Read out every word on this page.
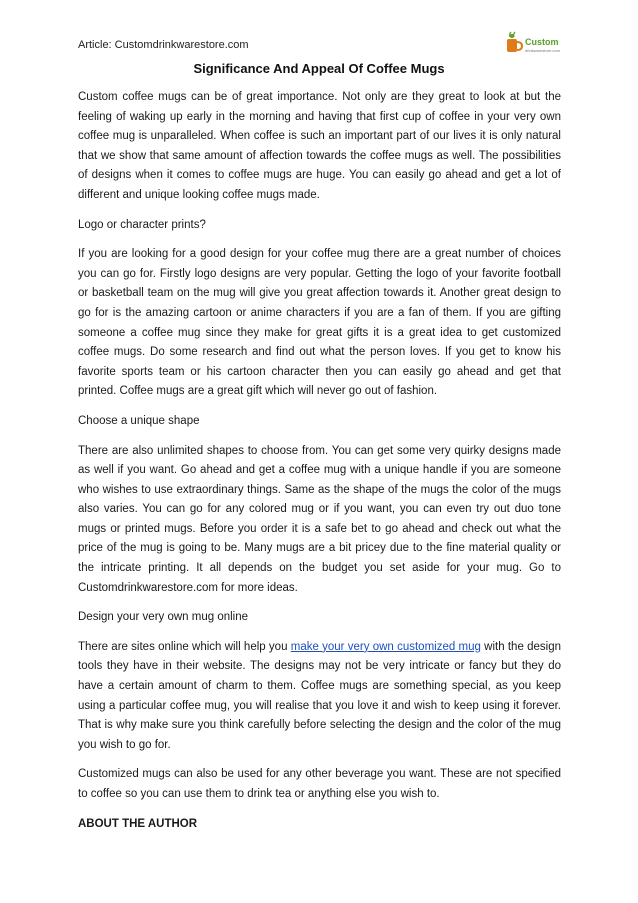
Article: Customdrinkwarestore.com	Custom
drinkwarestore.com
Significance And Appeal Of Coffee Mugs

Custom coffee mugs can be of great importance. Not only are they great to look at but the feeling of waking up early in the morning and having that first cup of coffee in your very own coffee mug is unparalleled. When coffee is such an important part of our lives it is only natural that we show that same amount of affection towards the coffee mugs as well. The possibilities of designs when it comes to coffee mugs are huge. You can easily go ahead and get a lot of different and unique looking coffee mugs made.

Logo or character prints?

If you are looking for a good design for your coffee mug there are a great number of choices you can go for. Firstly logo designs are very popular. Getting the logo of your favorite football or basketball team on the mug will give you great affection towards it. Another great design to go for is the amazing cartoon or anime characters if you are a fan of them. If you are gifting someone a coffee mug since they make for great gifts it is a great idea to get customized coffee mugs. Do some research and find out what the person loves. If you get to know his favorite sports team or his cartoon character then you can easily go ahead and get that printed. Coffee mugs are a great gift which will never go out of fashion.

Choose a unique shape

There are also unlimited shapes to choose from. You can get some very quirky designs made as well if you want. Go ahead and get a coffee mug with a unique handle if you are someone who wishes to use extraordinary things. Same as the shape of the mugs the color of the mugs also varies. You can go for any colored mug or if you want, you can even try out duo tone mugs or printed mugs. Before you order it is a safe bet to go ahead and check out what the price of the mug is going to be. Many mugs are a bit pricey due to the fine material quality or the intricate printing. It all depends on the budget you set aside for your mug. Go to Customdrinkwarestore.com for more ideas.

Design your very own mug online

There are sites online which will help you make your very own customized mug with the design tools they have in their website. The designs may not be very intricate or fancy but they do have a certain amount of charm to them. Coffee mugs are something special, as you keep using a particular coffee mug, you will realise that you love it and wish to keep using it forever. That is why make sure you think carefully before selecting the design and the color of the mug you wish to go for.

Customized mugs can also be used for any other beverage you want. These are not specified to coffee so you can use them to drink tea or anything else you wish to.

ABOUT THE AUTHOR
